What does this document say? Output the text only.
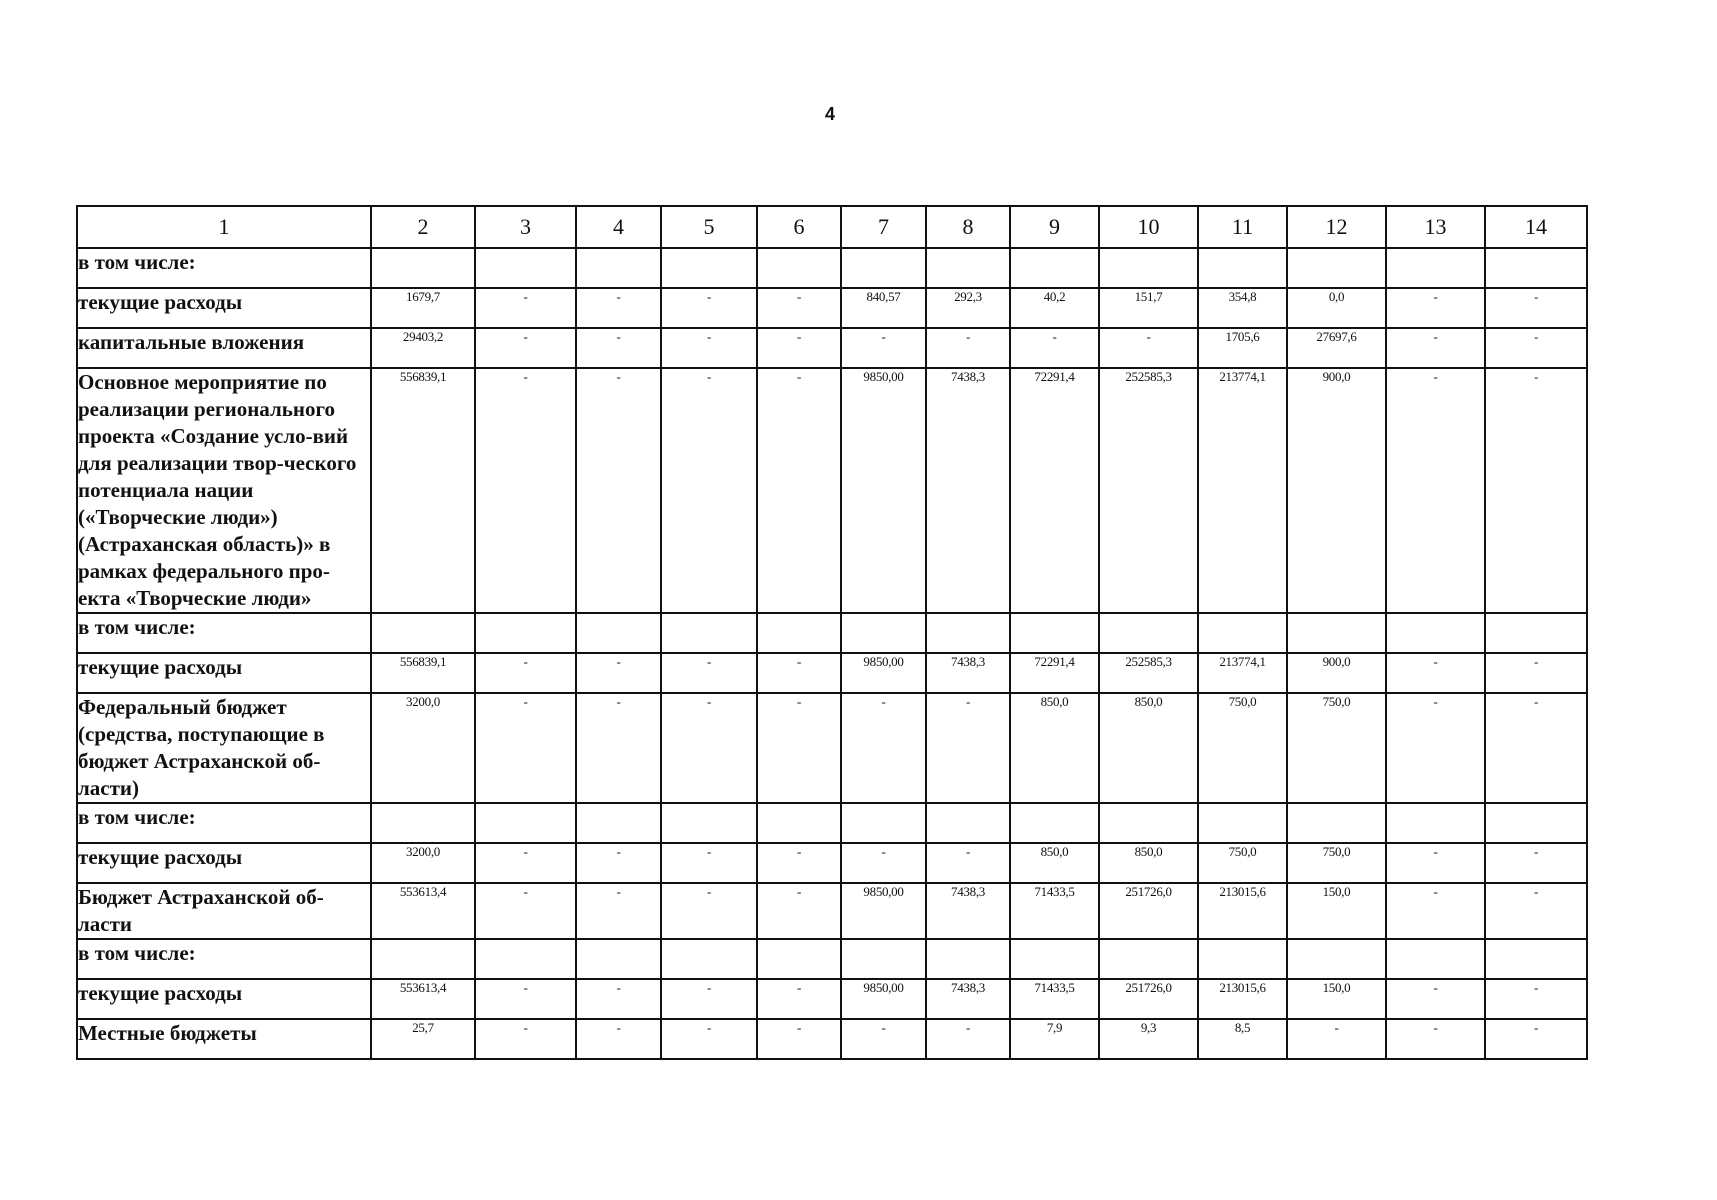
4
1	2	3	4	5	6	7	8	9	10	11	12	13	14
в том числе:													
текущие расходы	1679,7	-	-	-	-	840,57	292,3	40,2	151,7	354,8	0,0	-	-
капитальные вложения	29403,2	-	-	-	-	-	-	-	-	1705,6	27697,6	-	-
Основное мероприятие по реализации регионального проекта «Создание усло-вий для реализации твор-ческого потенциала нации («Творческие люди») (Астраханская область)» в рамках федерального про-екта «Творческие люди»	556839,1	-	-	-	-	9850,00	7438,3	72291,4	252585,3	213774,1	900,0	-	-
в том числе:													
текущие расходы	556839,1	-	-	-	-	9850,00	7438,3	72291,4	252585,3	213774,1	900,0	-	-
Федеральный бюджет (средства, поступающие в бюджет Астраханской об-ласти)	3200,0	-	-	-	-	-	-	850,0	850,0	750,0	750,0	-	-
в том числе:													
текущие расходы	3200,0	-	-	-	-	-	-	850,0	850,0	750,0	750,0	-	-
Бюджет Астраханской об-ласти	553613,4	-	-	-	-	9850,00	7438,3	71433,5	251726,0	213015,6	150,0	-	-
в том числе:													
текущие расходы	553613,4	-	-	-	-	9850,00	7438,3	71433,5	251726,0	213015,6	150,0	-	-
Местные бюджеты	25,7	-	-	-	-	-	-	7,9	9,3	8,5	-	-	-
